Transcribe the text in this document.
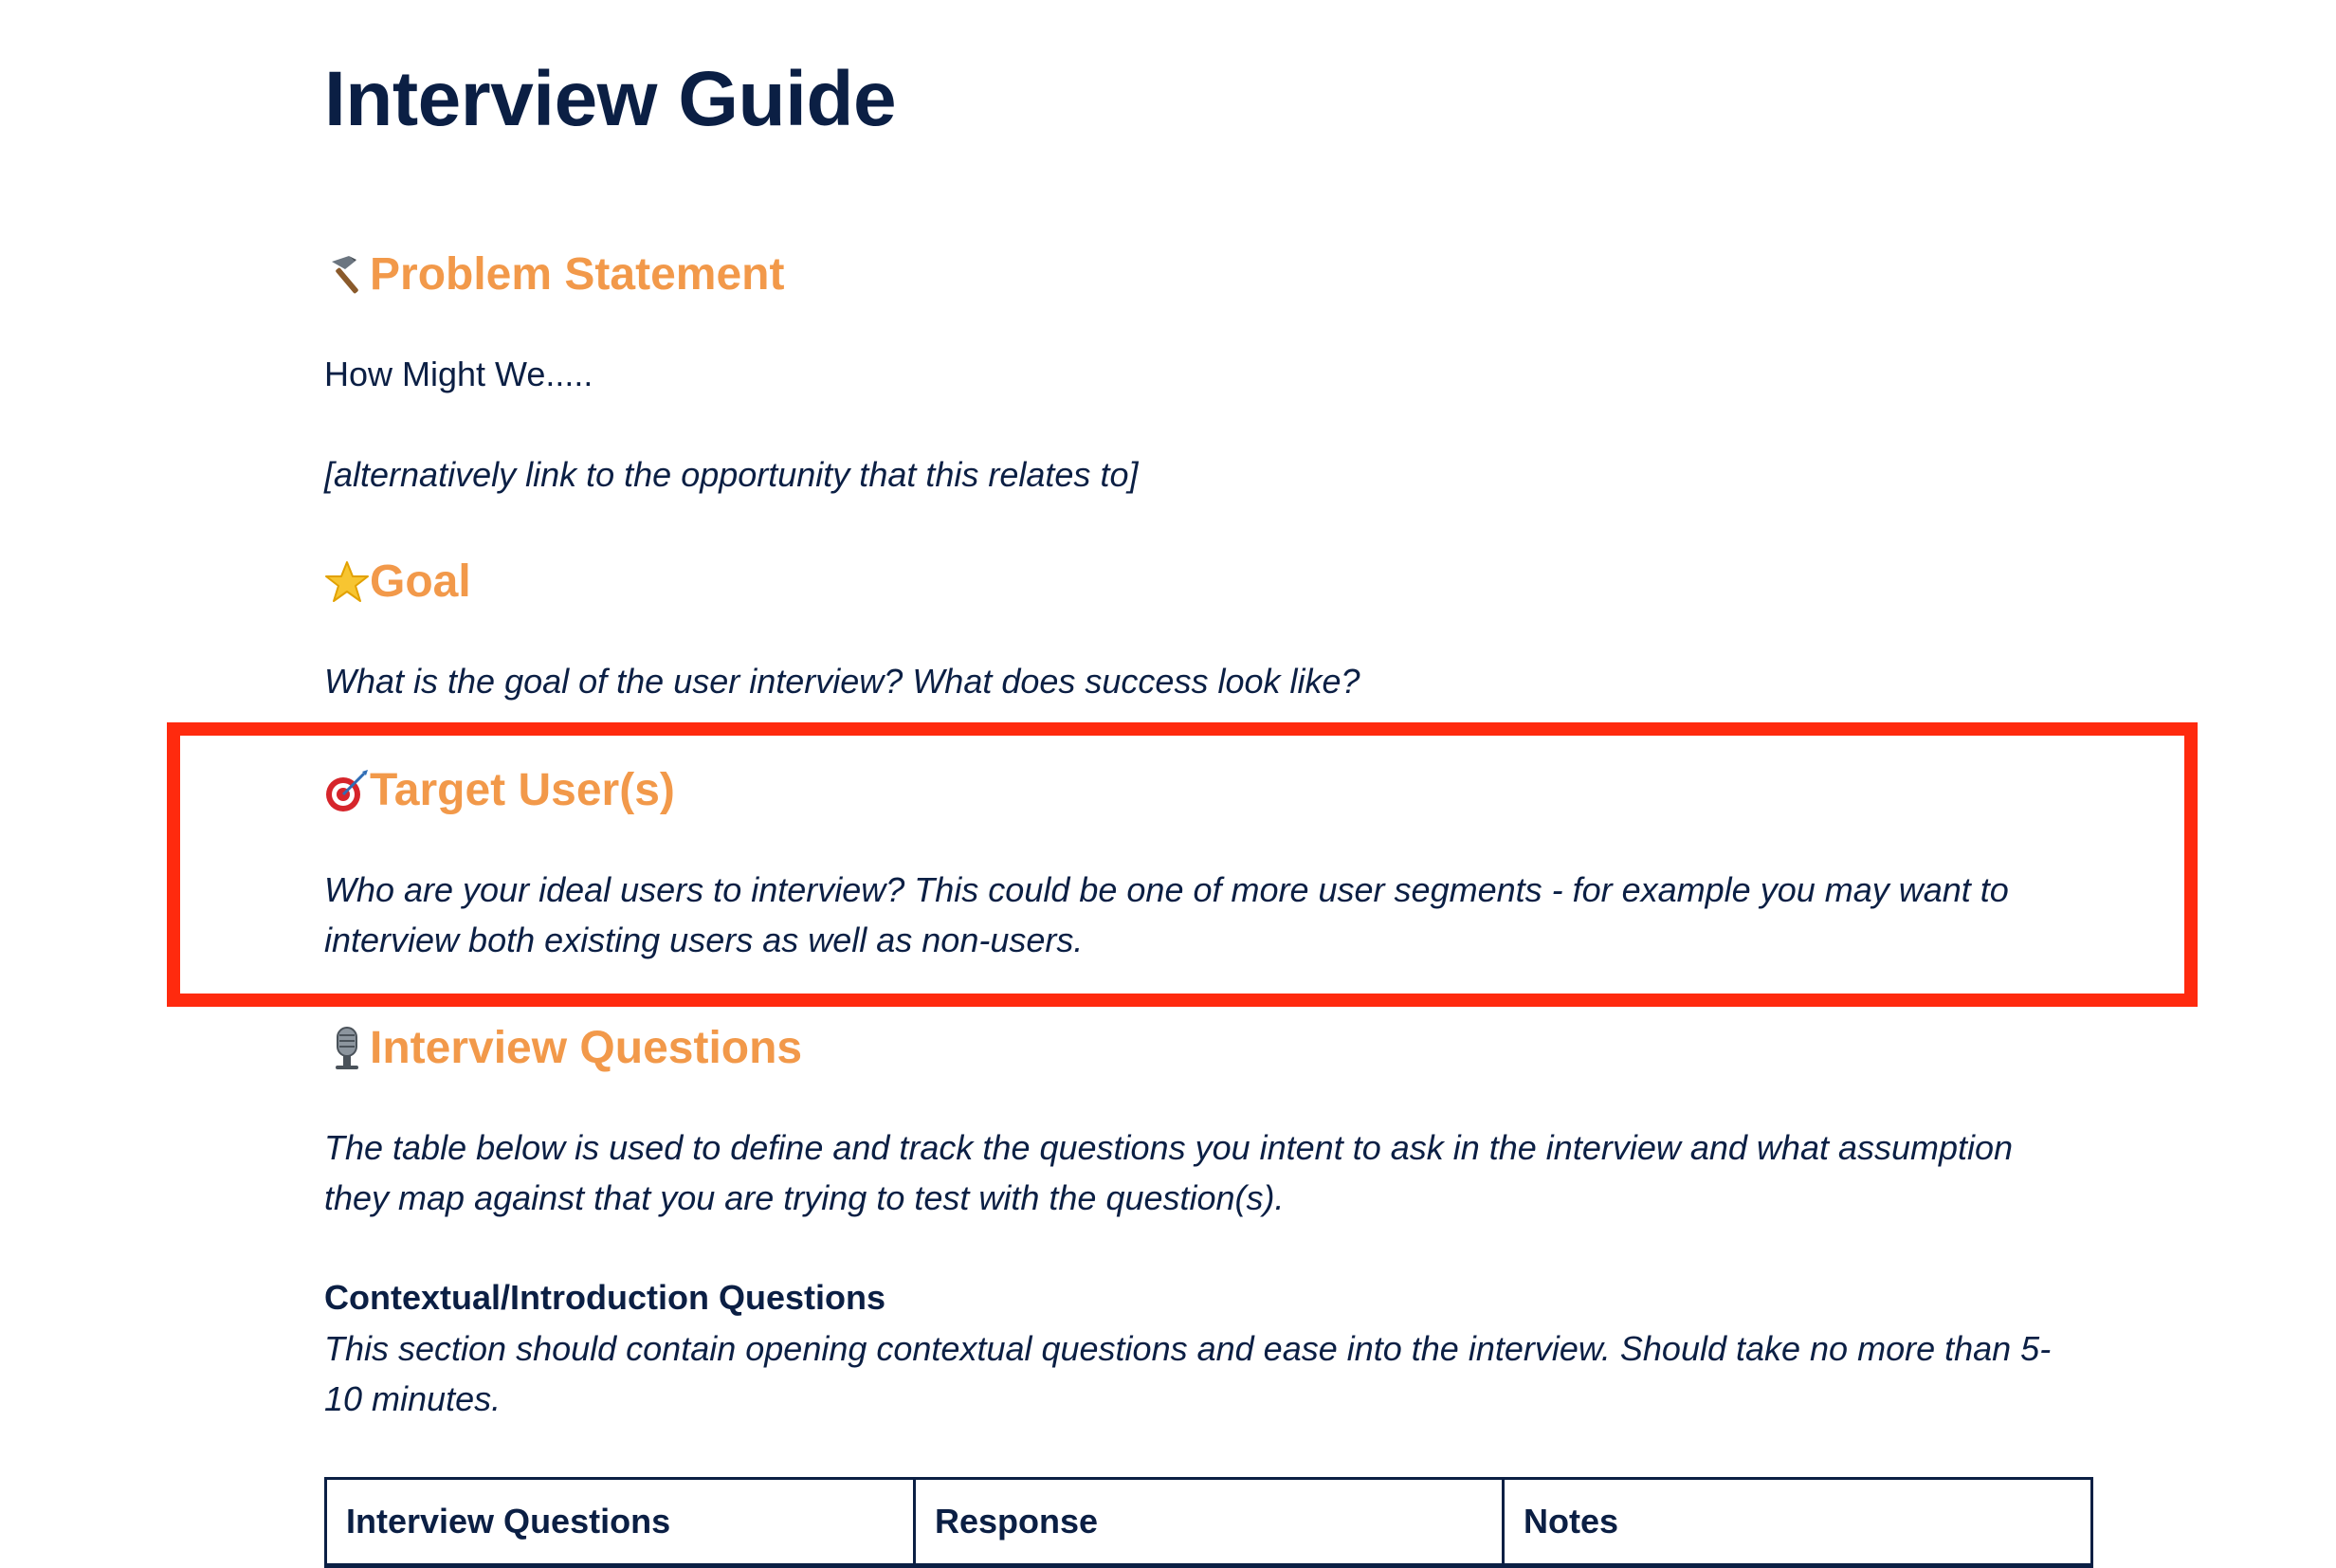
Interview Guide
Problem Statement

How Might We.....

[alternatively link to the opportunity that this relates to]

Goal

What is the goal of the user interview? What does success look like?

Target User(s)

Who are your ideal users to interview? This could be one of more user segments - for example you may want to interview both existing users as well as non-users.

Interview Questions

The table below is used to define and track the questions you intent to ask in the interview and what assumption they map against that you are trying to test with the question(s).

Contextual/Introduction Questions

This section should contain opening contextual questions and ease into the interview. Should take no more than 5-10 minutes.

Interview Questions	Response	Notes
